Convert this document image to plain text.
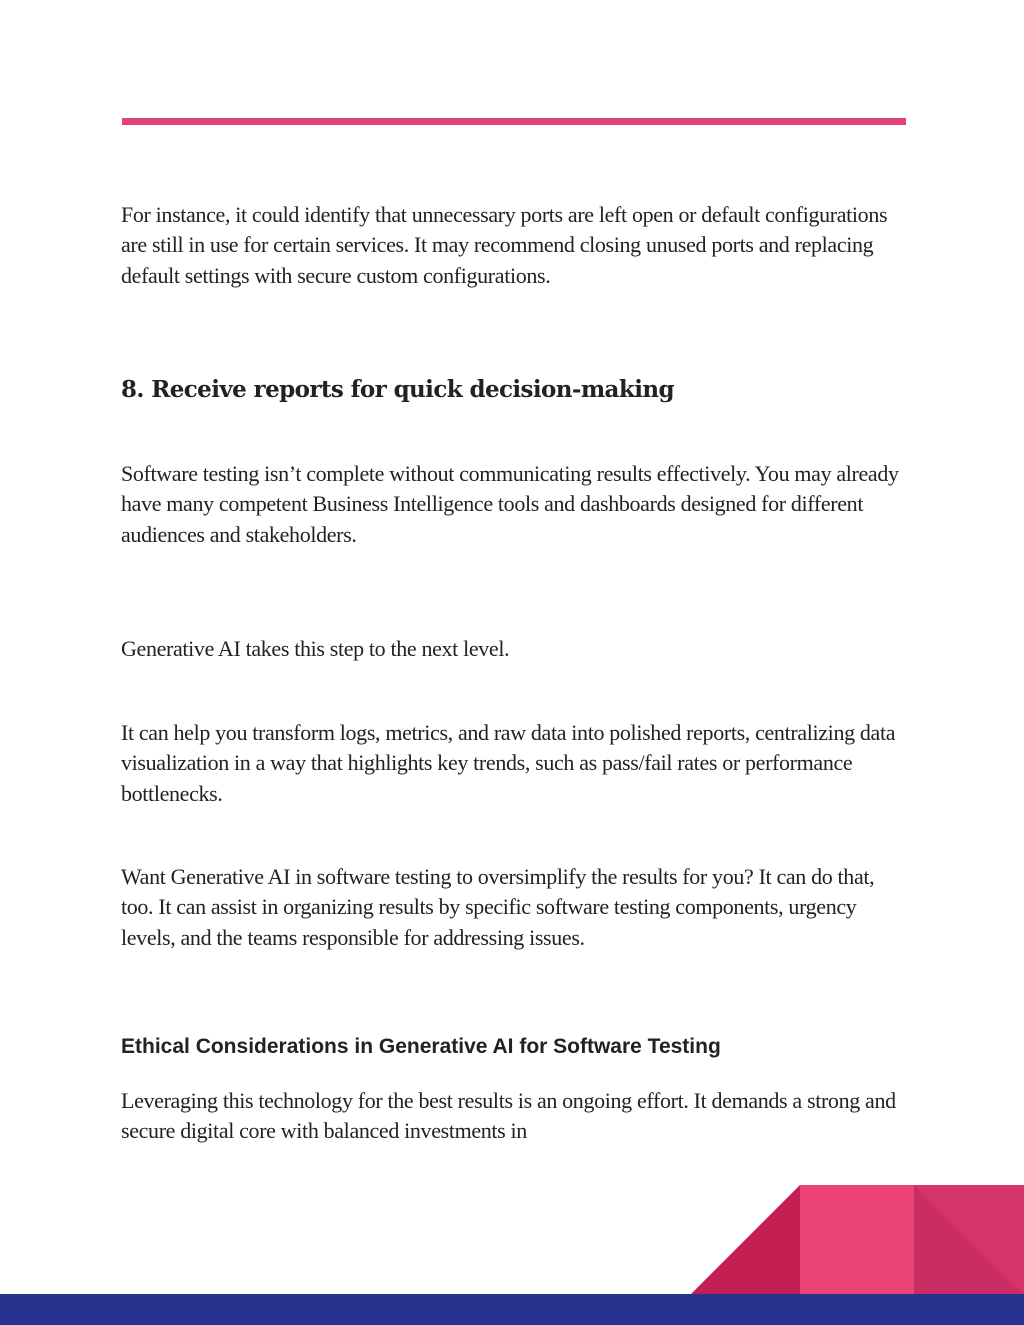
For instance, it could identify that unnecessary ports are left open or default configurations are still in use for certain services. It may recommend closing unused ports and replacing default settings with secure custom configurations.

8. Receive reports for quick decision-making

Software testing isn’t complete without communicating results effectively. You may already have many competent Business Intelligence tools and dashboards designed for different audiences and stakeholders.

Generative AI takes this step to the next level.

It can help you transform logs, metrics, and raw data into polished reports, centralizing data visualization in a way that highlights key trends, such as pass/fail rates or performance bottlenecks.

Want Generative AI in software testing to oversimplify the results for you? It can do that, too. It can assist in organizing results by specific software testing components, urgency levels, and the teams responsible for addressing issues.

Ethical Considerations in Generative AI for Software Testing

Leveraging this technology for the best results is an ongoing effort. It demands a strong and secure digital core with balanced investments in
